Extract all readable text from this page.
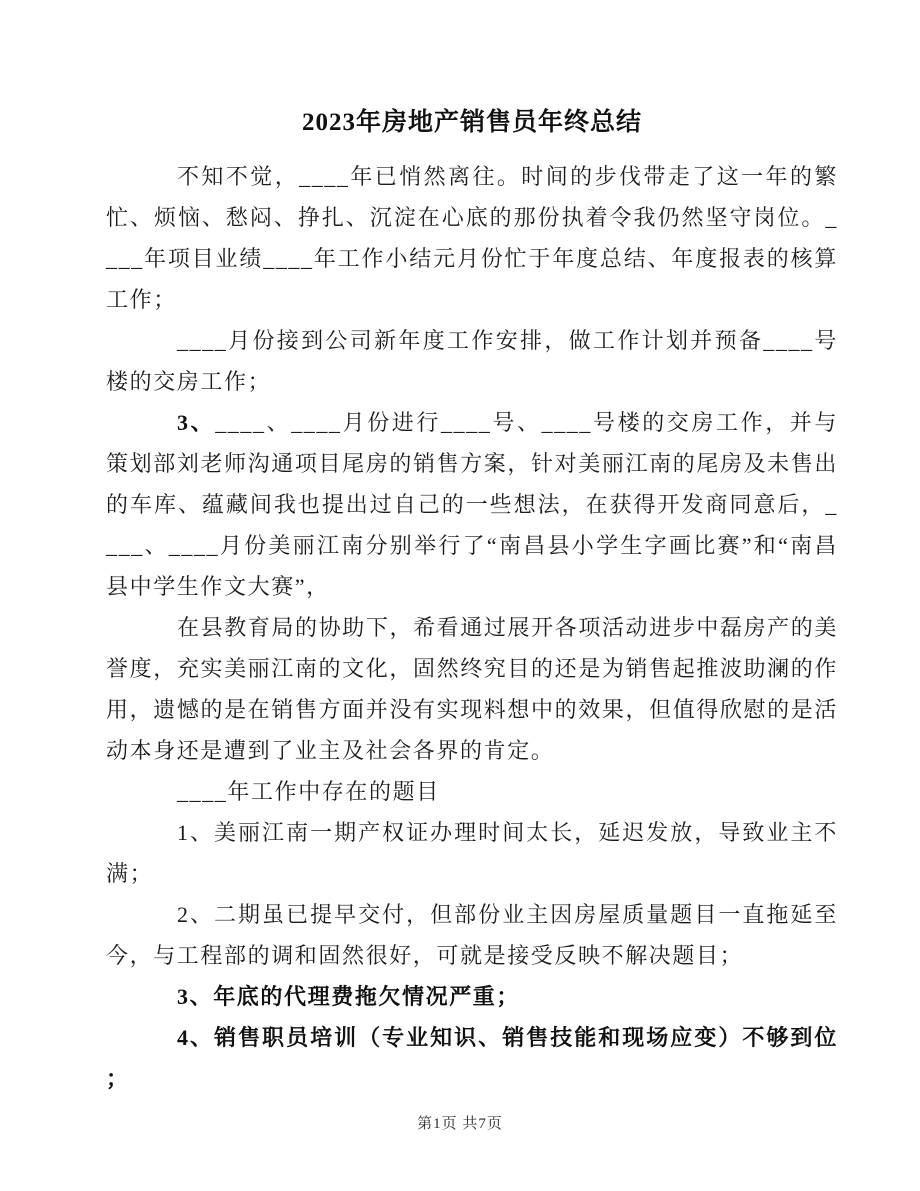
2023年房地产销售员年终总结

不知不觉，____年已悄然离往。时间的步伐带走了这一年的繁忙、烦恼、愁闷、挣扎、沉淀在心底的那份执着令我仍然坚守岗位。____年项目业绩____年工作小结元月份忙于年度总结、年度报表的核算工作；

____月份接到公司新年度工作安排，做工作计划并预备____号楼的交房工作；

3、____、____月份进行____号、____号楼的交房工作，并与策划部刘老师沟通项目尾房的销售方案，针对美丽江南的尾房及未售出的车库、蕴藏间我也提出过自己的一些想法，在获得开发商同意后，____、____月份美丽江南分别举行了“南昌县小学生字画比赛”和“南昌县中学生作文大赛”，

在县教育局的协助下，希看通过展开各项活动进步中磊房产的美誉度，充实美丽江南的文化，固然终究目的还是为销售起推波助澜的作用，遗憾的是在销售方面并没有实现料想中的效果，但值得欣慰的是活动本身还是遭到了业主及社会各界的肯定。

____年工作中存在的题目

1、美丽江南一期产权证办理时间太长，延迟发放，导致业主不满；

2、二期虽已提早交付，但部份业主因房屋质量题目一直拖延至今，与工程部的调和固然很好，可就是接受反映不解决题目；

3、年底的代理费拖欠情况严重；

4、销售职员培训（专业知识、销售技能和现场应变）不够到位；

第1页 共7页
